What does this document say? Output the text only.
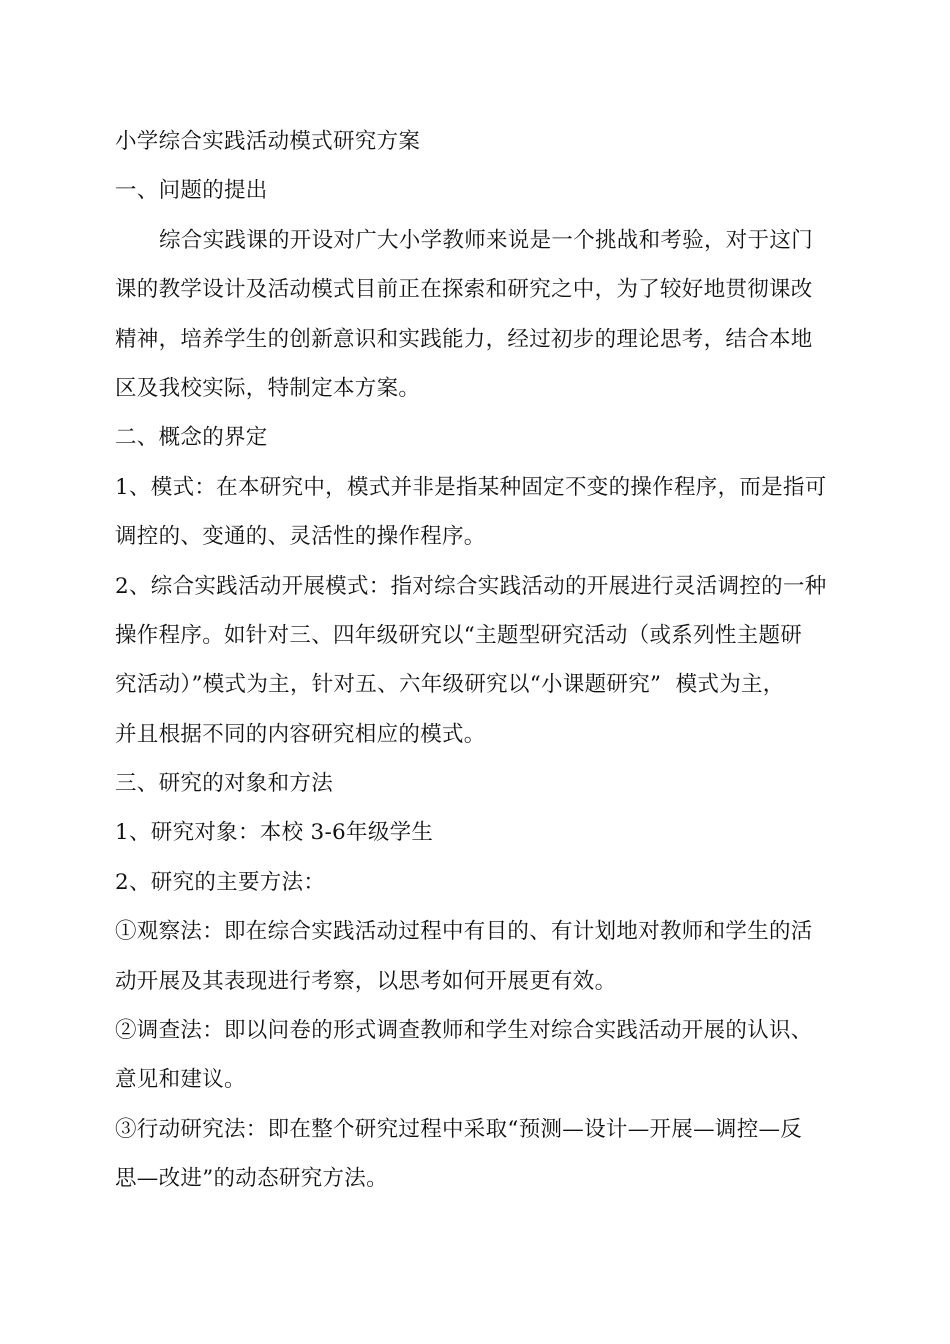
小学综合实践活动模式研究方案
一、问题的提出
综合实践课的开设对广大小学教师来说是一个挑战和考验，对于这门
课的教学设计及活动模式目前正在探索和研究之中，为了较好地贯彻课改
精神，培养学生的创新意识和实践能力，经过初步的理论思考，结合本地
区及我校实际，特制定本方案。
二、概念的界定
1、模式：在本研究中，模式并非是指某种固定不变的操作程序，而是指可
调控的、变通的、灵活性的操作程序。
2、综合实践活动开展模式：指对综合实践活动的开展进行灵活调控的一种
操作程序。如针对三、四年级研究以“主题型研究活动（或系列性主题研
究活动）”模式为主，针对五、六年级研究以“小课题研究”  模式为主，
并且根据不同的内容研究相应的模式。
三、研究的对象和方法
1、研究对象：本校 3-6年级学生
2、研究的主要方法：
①观察法：即在综合实践活动过程中有目的、有计划地对教师和学生的活
动开展及其表现进行考察，以思考如何开展更有效。
②调查法：即以问卷的形式调查教师和学生对综合实践活动开展的认识、
意见和建议。
③行动研究法：即在整个研究过程中采取“预测—设计—开展—调控—反
思—改进”的动态研究方法。
